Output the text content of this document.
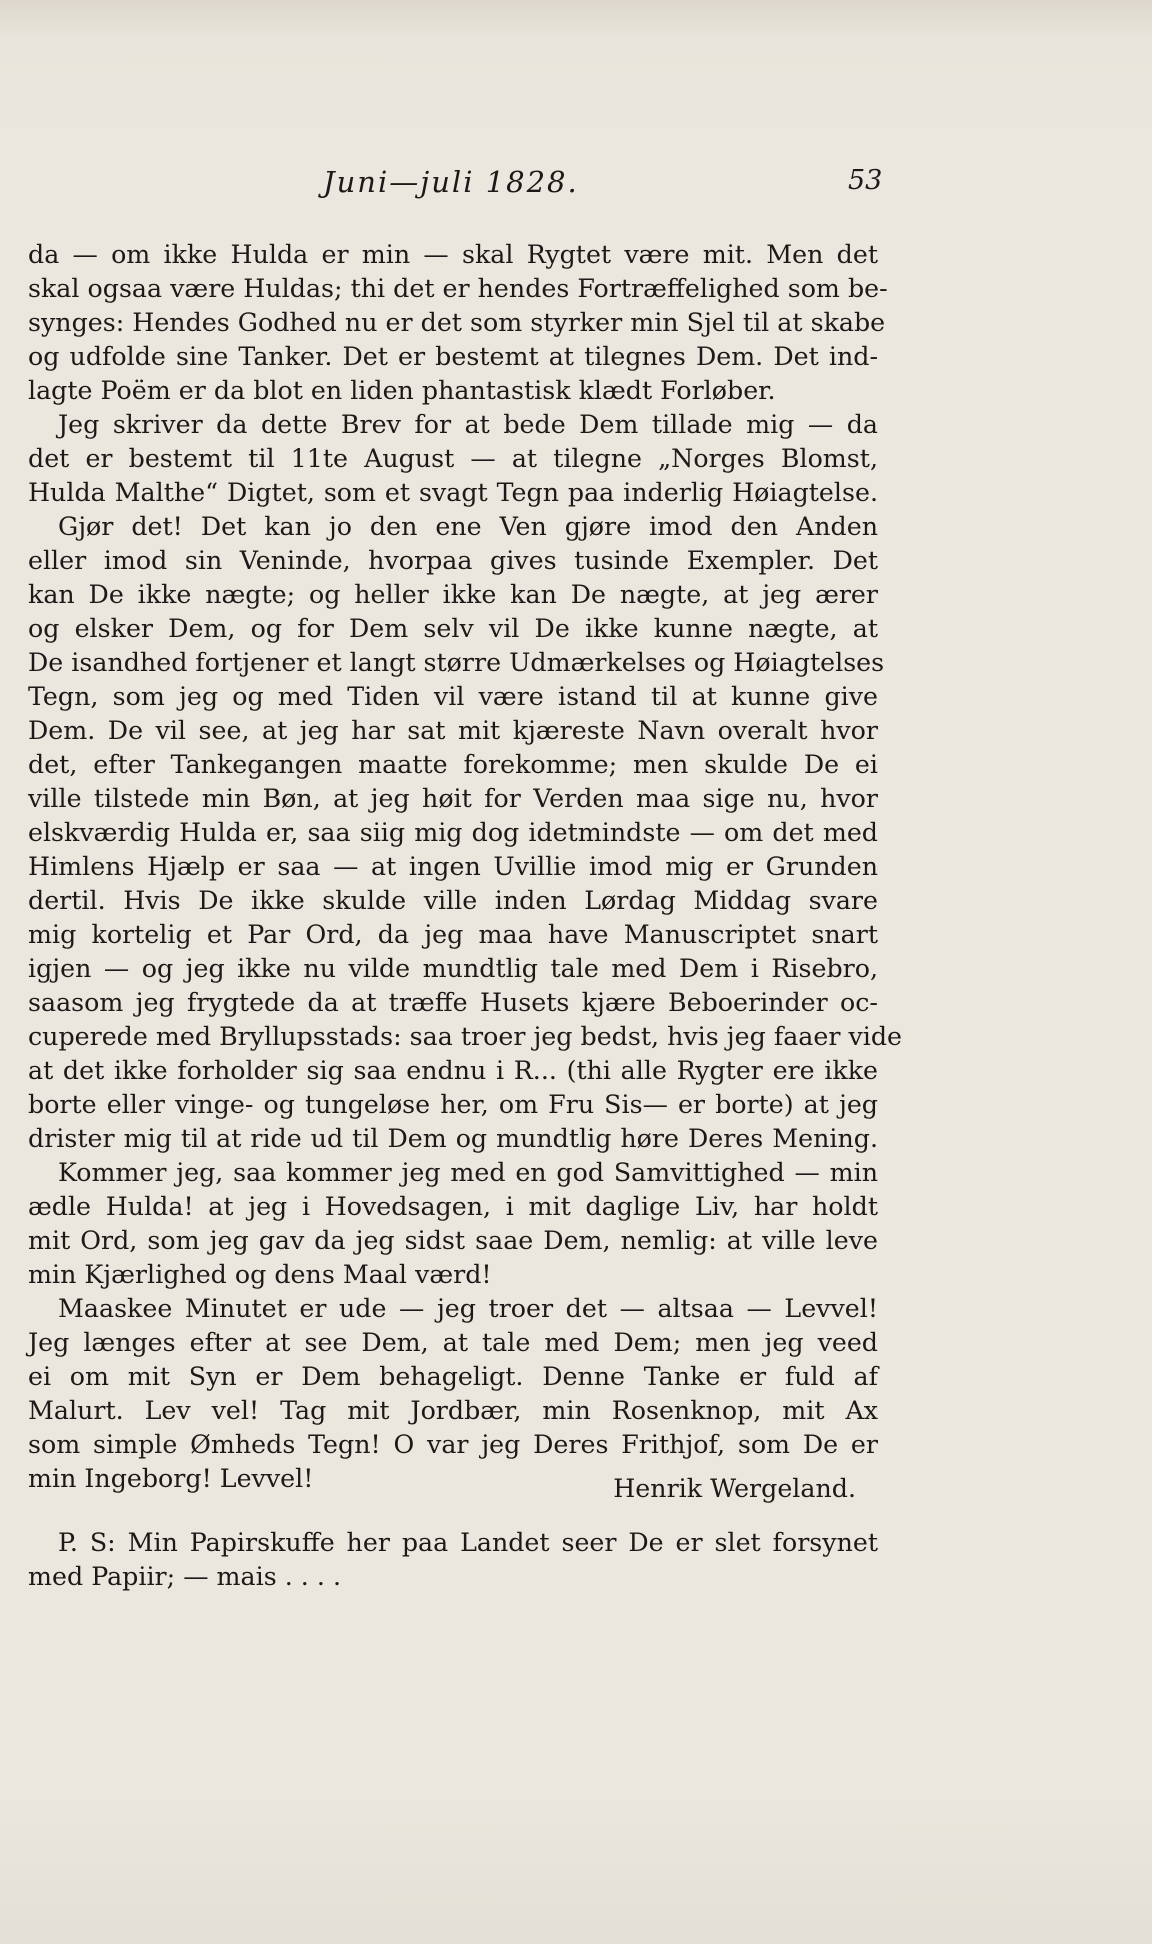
Juni—juli 1828.	53
da — om ikke Hulda er min — skal Rygtet være mit. Men det
skal ogsaa være Huldas; thi det er hendes Fortræffelighed som be-
synges: Hendes Godhed nu er det som styrker min Sjel til at skabe
og udfolde sine Tanker. Det er bestemt at tilegnes Dem. Det ind-
lagte Poëm er da blot en liden phantastisk klædt Forløber.
Jeg skriver da dette Brev for at bede Dem tillade mig — da
det er bestemt til 11te August — at tilegne „Norges Blomst,
Hulda Malthe“ Digtet, som et svagt Tegn paa inderlig Høiagtelse.
Gjør det! Det kan jo den ene Ven gjøre imod den Anden
eller imod sin Veninde, hvorpaa gives tusinde Exempler. Det
kan De ikke nægte; og heller ikke kan De nægte, at jeg ærer
og elsker Dem, og for Dem selv vil De ikke kunne nægte, at
De isandhed fortjener et langt større Udmærkelses og Høiagtelses
Tegn, som jeg og med Tiden vil være istand til at kunne give
Dem. De vil see, at jeg har sat mit kjæreste Navn overalt hvor
det, efter Tankegangen maatte forekomme; men skulde De ei
ville tilstede min Bøn, at jeg høit for Verden maa sige nu, hvor
elskværdig Hulda er, saa siig mig dog idetmindste — om det med
Himlens Hjælp er saa — at ingen Uvillie imod mig er Grunden
dertil. Hvis De ikke skulde ville inden Lørdag Middag svare
mig kortelig et Par Ord, da jeg maa have Manuscriptet snart
igjen — og jeg ikke nu vilde mundtlig tale med Dem i Risebro,
saasom jeg frygtede da at træffe Husets kjære Beboerinder oc-
cuperede med Bryllupsstads: saa troer jeg bedst, hvis jeg faaer vide
at det ikke forholder sig saa endnu i R... (thi alle Rygter ere ikke
borte eller vinge- og tungeløse her, om Fru Sis— er borte) at jeg
drister mig til at ride ud til Dem og mundtlig høre Deres Mening.
Kommer jeg, saa kommer jeg med en god Samvittighed — min
ædle Hulda! at jeg i Hovedsagen, i mit daglige Liv, har holdt
mit Ord, som jeg gav da jeg sidst saae Dem, nemlig: at ville leve
min Kjærlighed og dens Maal værd!
Maaskee Minutet er ude — jeg troer det — altsaa — Levvel!
Jeg længes efter at see Dem, at tale med Dem; men jeg veed
ei om mit Syn er Dem behageligt. Denne Tanke er fuld af
Malurt. Lev vel! Tag mit Jordbær, min Rosenknop, mit Ax
som simple Ømheds Tegn! O var jeg Deres Frithjof, som De er
min Ingeborg! Levvel!	Henrik Wergeland.
P. S: Min Papirskuffe her paa Landet seer De er slet forsynet
med Papiir; — mais . . . .
